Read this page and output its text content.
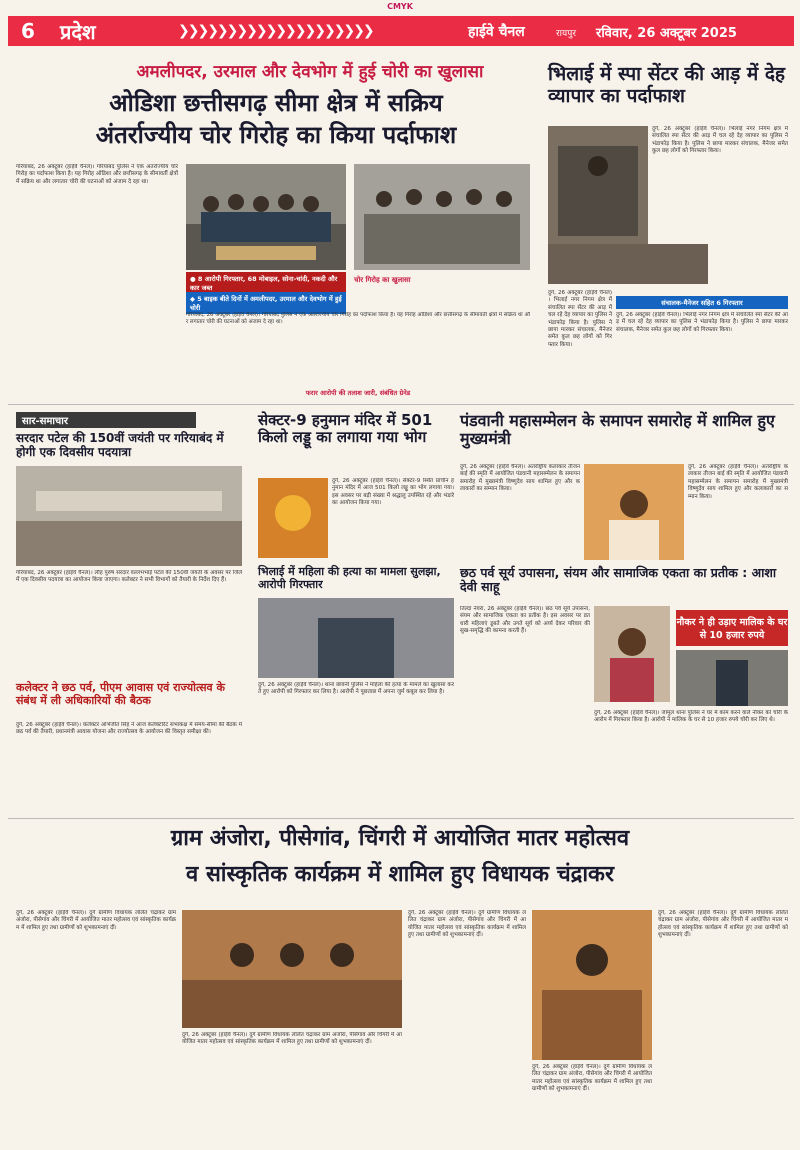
CMYK
6	प्रदेश	❯❯❯❯❯❯❯❯❯❯❯❯❯❯❯❯❯❯❯❯	हाईवे चैनल	रायपुर रविवार, 26 अक्टूबर 2025
अमलीपदर, उरमाल और देवभोग में हुई चोरी का खुलासा
ओडिशा छत्तीसगढ़ सीमा क्षेत्र में सक्रिय
अंतर्राज्यीय चोर गिरोह का किया पर्दाफाश
गरियाबंद, 26 अक्टूबर (हाईवे चैनल)। गरियाबंद पुलिस ने एक अंतर्राज्यीय चोर गिरोह का पर्दाफाश किया है। यह गिरोह ओडिशा और छत्तीसगढ़ के सीमावर्ती क्षेत्रों में सक्रिय था और लगातार चोरी की घटनाओं को अंजाम दे रहा था।
● 8 आरोपी गिरफ्तार, 68 मोबाइल, सोना-चांदी, नकदी और कार जब्त
◆ 5 बाइक बीते दिनों में अमलीपदर, उरमाल और देवभोग में हुई चोरी
चोर गिरोह का खुलासा
गरियाबंद, 26 अक्टूबर (हाईवे चैनल)। गरियाबंद पुलिस ने एक अंतर्राज्यीय चोर गिरोह का पर्दाफाश किया है। यह गिरोह ओडिशा और छत्तीसगढ़ के सीमावर्ती क्षेत्रों में सक्रिय था और लगातार चोरी की घटनाओं को अंजाम दे रहा था।
फरार आरोपी की तलाश जारी, संबंधित ग्रेनेड
भिलाई में स्पा सेंटर की आड़ में देह व्यापार का पर्दाफाश
दुर्ग, 26 अक्टूबर (हाईवे चैनल)। भिलाई नगर निगम क्षेत्र में संचालित स्पा सेंटर की आड़ में चल रहे देह व्यापार का पुलिस ने भंडाफोड़ किया है। पुलिस ने छापा मारकर संचालक, मैनेजर समेत कुल छह लोगों को गिरफ्तार किया।
संचालक-मैनेजर सहित 6 गिरफ्तार
दुर्ग, 26 अक्टूबर (हाईवे चैनल)। भिलाई नगर निगम क्षेत्र में संचालित स्पा सेंटर की आड़ में चल रहे देह व्यापार का पुलिस ने भंडाफोड़ किया है। पुलिस ने छापा मारकर संचालक, मैनेजर समेत कुल छह लोगों को गिरफ्तार किया।
दुर्ग, 26 अक्टूबर (हाईवे चैनल)। भिलाई नगर निगम क्षेत्र में संचालित स्पा सेंटर की आड़ में चल रहे देह व्यापार का पुलिस ने भंडाफोड़ किया है। पुलिस ने छापा मारकर संचालक, मैनेजर समेत कुल छह लोगों को गिरफ्तार किया।
सार-समाचार
सरदार पटेल की 150वीं जयंती पर गरियाबंद में होगी एक दिवसीय पदयात्रा
गरियाबंद, 26 अक्टूबर (हाईवे चैनल)। लौह पुरुष सरदार वल्लभभाई पटेल की 150वीं जयंती के अवसर पर जिले में एक दिवसीय पदयात्रा का आयोजन किया जाएगा। कलेक्टर ने सभी विभागों को तैयारी के निर्देश दिए हैं।
कलेक्टर ने छठ पर्व, पीएम आवास एवं राज्योत्सव के संबंध में ली अधिकारियों की बैठक
दुर्ग, 26 अक्टूबर (हाईवे चैनल)। कलेक्टर अभिजीत सिंह ने आज कलेक्टोरेट सभाकक्ष में समय-सीमा की बैठक में छठ पर्व की तैयारी, प्रधानमंत्री आवास योजना और राज्योत्सव के आयोजन की विस्तृत समीक्षा की।
सेक्टर-9 हनुमान मंदिर में 501 किलो लड्डू का लगाया गया भोग
दुर्ग, 26 अक्टूबर (हाईवे चैनल)। सेक्टर-9 स्थित प्राचीन हनुमान मंदिर में आज 501 किलो लड्डू का भोग लगाया गया। इस अवसर पर बड़ी संख्या में श्रद्धालु उपस्थित रहे और भंडारे का आयोजन किया गया।
पंडवानी महासम्मेलन के समापन समारोह में शामिल हुए मुख्यमंत्री
दुर्ग, 26 अक्टूबर (हाईवे चैनल)। अंतर्राष्ट्रीय कलाकार तीजन बाई की स्मृति में आयोजित पंडवानी महासम्मेलन के समापन समारोह में मुख्यमंत्री विष्णुदेव साय शामिल हुए और कलाकारों का सम्मान किया।
दुर्ग, 26 अक्टूबर (हाईवे चैनल)। अंतर्राष्ट्रीय कलाकार तीजन बाई की स्मृति में आयोजित पंडवानी महासम्मेलन के समापन समारोह में मुख्यमंत्री विष्णुदेव साय शामिल हुए और कलाकारों का सम्मान किया।
भिलाई में महिला की हत्या का मामला सुलझा, आरोपी गिरफ्तार
दुर्ग, 26 अक्टूबर (हाईवे चैनल)। थाना छावनी पुलिस ने महिला की हत्या के मामले का खुलासा करते हुए आरोपी को गिरफ्तार कर लिया है। आरोपी ने पूछताछ में अपना जुर्म कबूल कर लिया है।
छठ पर्व सूर्य उपासना, संयम और सामाजिक एकता का प्रतीक : आशा देवी साहू
तिल्दा नेवरा, 26 अक्टूबर (हाईवे चैनल)। छठ पर्व सूर्य उपासना, संयम और सामाजिक एकता का प्रतीक है। इस अवसर पर व्रतधारी महिलाएं डूबते और उगते सूर्य को अर्घ्य देकर परिवार की सुख-समृद्धि की कामना करती हैं।
नौकर ने ही उड़ाए मालिक के घर से 10 हजार रुपये
दुर्ग, 26 अक्टूबर (हाईवे चैनल)। जामुल थाना पुलिस ने घर में काम करने वाले नौकर को चोरी के आरोप में गिरफ्तार किया है। आरोपी ने मालिक के घर से 10 हजार रुपये चोरी कर लिए थे।
ग्राम अंजोरा, पीसेगांव, चिंगरी में आयोजित मातर महोत्सव
व सांस्कृतिक कार्यक्रम में शामिल हुए विधायक चंद्राकर
दुर्ग, 26 अक्टूबर (हाईवे चैनल)। दुर्ग ग्रामीण विधायक ललित चंद्राकर ग्राम अंजोरा, पीसेगांव और चिंगरी में आयोजित मातर महोत्सव एवं सांस्कृतिक कार्यक्रम में शामिल हुए तथा ग्रामीणों को शुभकामनाएं दीं।
दुर्ग, 26 अक्टूबर (हाईवे चैनल)। दुर्ग ग्रामीण विधायक ललित चंद्राकर ग्राम अंजोरा, पीसेगांव और चिंगरी में आयोजित मातर महोत्सव एवं सांस्कृतिक कार्यक्रम में शामिल हुए तथा ग्रामीणों को शुभकामनाएं दीं।
दुर्ग, 26 अक्टूबर (हाईवे चैनल)। दुर्ग ग्रामीण विधायक ललित चंद्राकर ग्राम अंजोरा, पीसेगांव और चिंगरी में आयोजित मातर महोत्सव एवं सांस्कृतिक कार्यक्रम में शामिल हुए तथा ग्रामीणों को शुभकामनाएं दीं।
दुर्ग, 26 अक्टूबर (हाईवे चैनल)। दुर्ग ग्रामीण विधायक ललित चंद्राकर ग्राम अंजोरा, पीसेगांव और चिंगरी में आयोजित मातर महोत्सव एवं सांस्कृतिक कार्यक्रम में शामिल हुए तथा ग्रामीणों को शुभकामनाएं दीं।
दुर्ग, 26 अक्टूबर (हाईवे चैनल)। दुर्ग ग्रामीण विधायक ललित चंद्राकर ग्राम अंजोरा, पीसेगांव और चिंगरी में आयोजित मातर महोत्सव एवं सांस्कृतिक कार्यक्रम में शामिल हुए तथा ग्रामीणों को शुभकामनाएं दीं।
